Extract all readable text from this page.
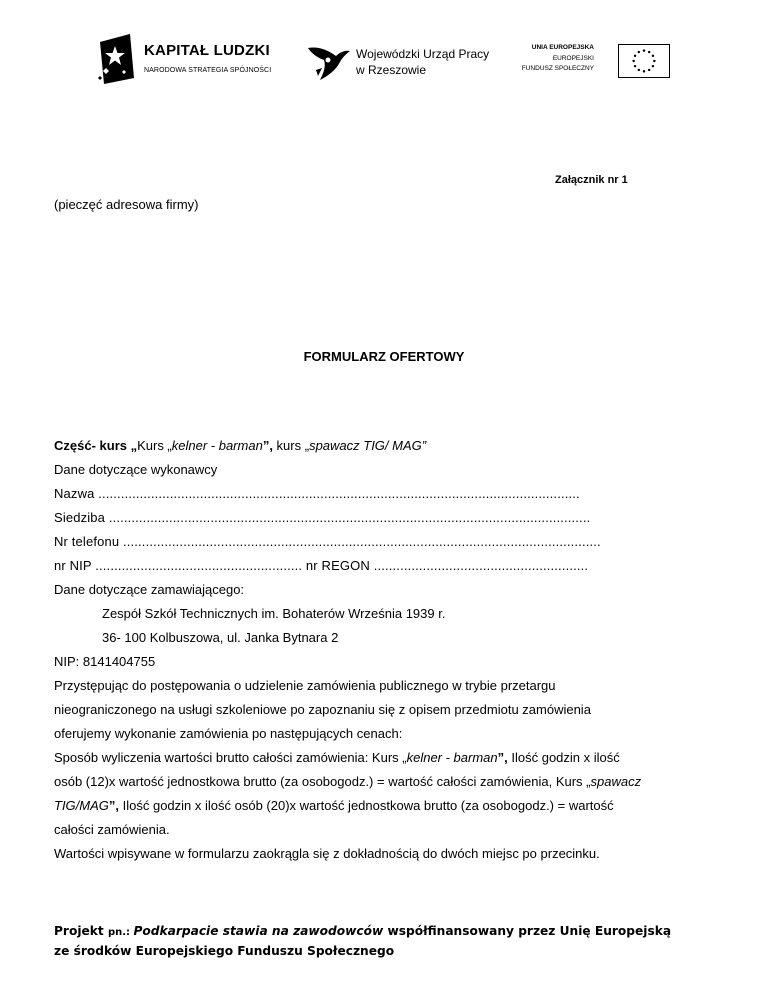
KAPITAŁ LUDZKI
NARODOWA STRATEGIA SPÓJNOŚCI
Wojewódzki Urząd Pracy
w Rzeszowie
UNIA EUROPEJSKA
EUROPEJSKI
FUNDUSZ SPOŁECZNY
Załącznik nr 1
(pieczęć adresowa firmy)
FORMULARZ OFERTOWY
Część- kurs „Kurs „kelner - barman”, kurs „spawacz TIG/ MAG”
Dane dotyczące wykonawcy
Nazwa ................................................................................................................................
Siedziba ................................................................................................................................
Nr telefonu ...............................................................................................................................
nr NIP ....................................................... nr REGON .........................................................
Dane dotyczące zamawiającego:
Zespół Szkół Technicznych im. Bohaterów Września 1939 r.
36- 100 Kolbuszowa, ul. Janka Bytnara 2
NIP: 8141404755
Przystępując do postępowania o udzielenie zamówienia publicznego w trybie przetargu
nieograniczonego na usługi szkoleniowe po zapoznaniu się z opisem przedmiotu zamówienia
oferujemy wykonanie zamówienia po następujących cenach:
Sposób wyliczenia wartości brutto całości zamówienia: Kurs „kelner - barman”, Ilość godzin x ilość
osób (12)x wartość jednostkowa brutto (za osobogodz.) = wartość całości zamówienia, Kurs „spawacz
TIG/MAG”, Ilość godzin x ilość osób (20)x wartość jednostkowa brutto (za osobogodz.) = wartość
całości zamówienia.
Wartości wpisywane w formularzu zaokrągla się z dokładnością do dwóch miejsc po przecinku.
Projekt pn.: Podkarpacie stawia na zawodowców współfinansowany przez Unię Europejską
ze środków Europejskiego Funduszu Społecznego
